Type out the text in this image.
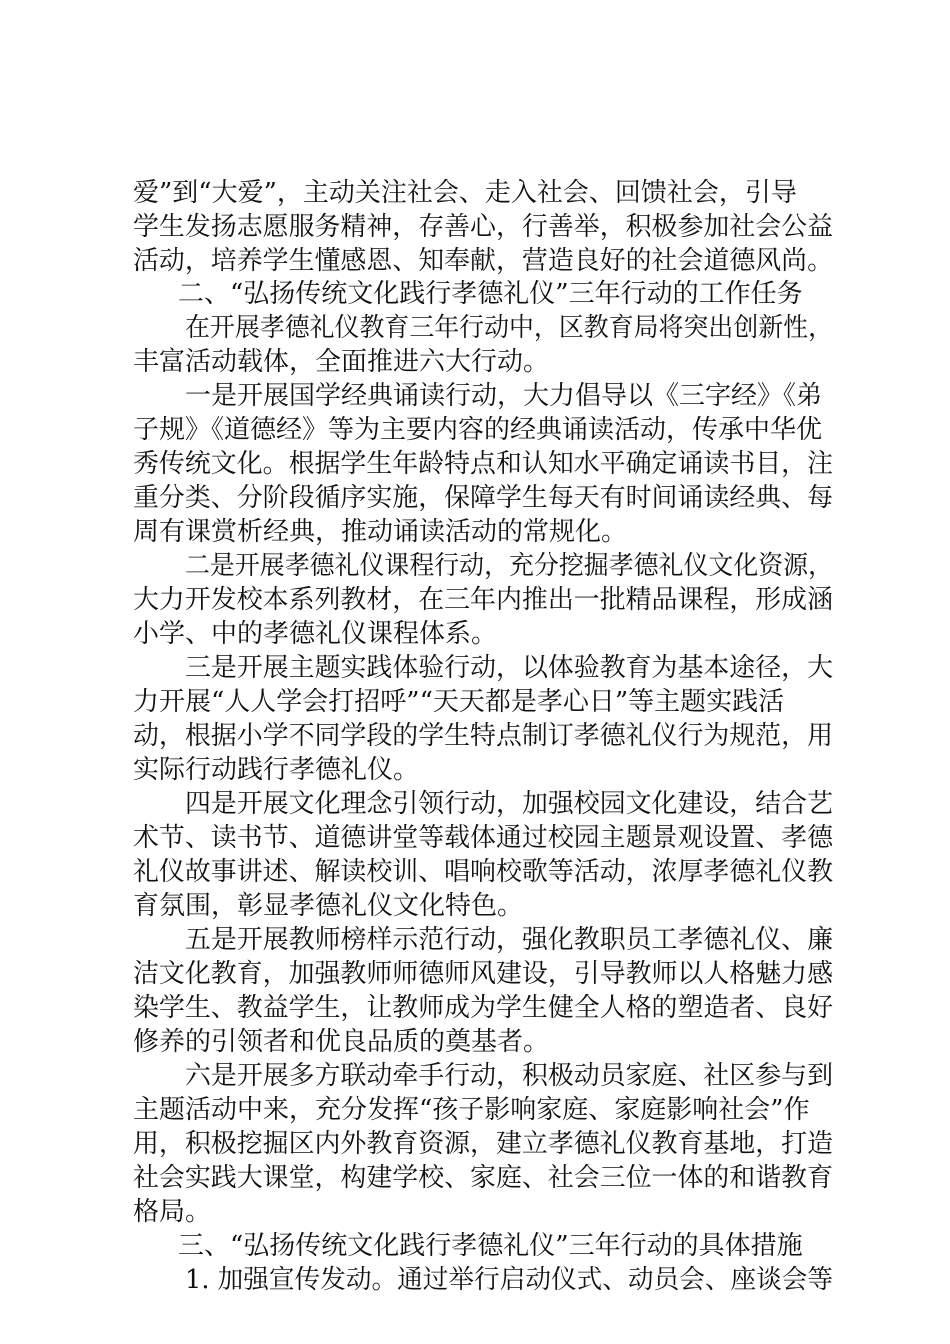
爱”到“大爱”，主动关注社会、走入社会、回馈社会，引导
学生发扬志愿服务精神，存善心，行善举，积极参加社会公益
活动，培养学生懂感恩、知奉献，营造良好的社会道德风尚。
二、“弘扬传统文化践行孝德礼仪”三年行动的工作任务
在开展孝德礼仪教育三年行动中，区教育局将突出创新性，
丰富活动载体，全面推进六大行动。
一是开展国学经典诵读行动，大力倡导以《三字经》《弟
子规》《道德经》等为主要内容的经典诵读活动，传承中华优
秀传统文化。根据学生年龄特点和认知水平确定诵读书目，注
重分类、分阶段循序实施，保障学生每天有时间诵读经典、每
周有课赏析经典，推动诵读活动的常规化。
二是开展孝德礼仪课程行动，充分挖掘孝德礼仪文化资源，
大力开发校本系列教材，在三年内推出一批精品课程，形成涵
小学、中的孝德礼仪课程体系。
三是开展主题实践体验行动，以体验教育为基本途径，大
力开展“人人学会打招呼”“天天都是孝心日”等主题实践活
动，根据小学不同学段的学生特点制订孝德礼仪行为规范，用
实际行动践行孝德礼仪。
四是开展文化理念引领行动，加强校园文化建设，结合艺
术节、读书节、道德讲堂等载体通过校园主题景观设置、孝德
礼仪故事讲述、解读校训、唱响校歌等活动，浓厚孝德礼仪教
育氛围，彰显孝德礼仪文化特色。
五是开展教师榜样示范行动，强化教职员工孝德礼仪、廉
洁文化教育，加强教师师德师风建设，引导教师以人格魅力感
染学生、教益学生，让教师成为学生健全人格的塑造者、良好
修养的引领者和优良品质的奠基者。
六是开展多方联动牵手行动，积极动员家庭、社区参与到
主题活动中来，充分发挥“孩子影响家庭、家庭影响社会”作
用，积极挖掘区内外教育资源，建立孝德礼仪教育基地，打造
社会实践大课堂，构建学校、家庭、社会三位一体的和谐教育
格局。
三、“弘扬传统文化践行孝德礼仪”三年行动的具体措施
1. 加强宣传发动。通过举行启动仪式、动员会、座谈会等
